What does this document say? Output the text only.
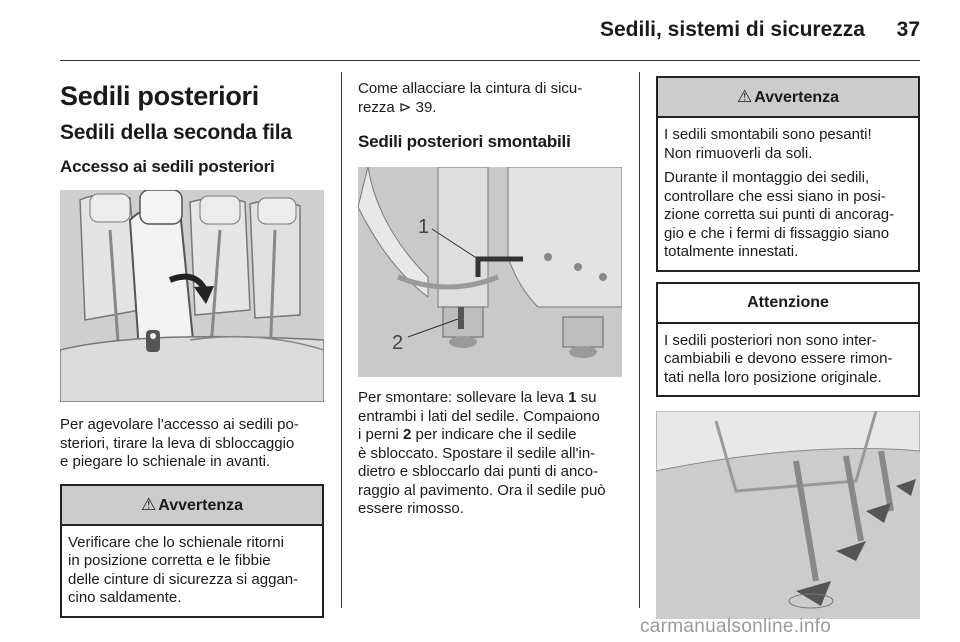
Sedili, sistemi di sicurezza 37
Sedili posteriori
Sedili della seconda fila
Accesso ai sedili posteriori

Per agevolare l'accesso ai sedili po-
steriori, tirare la leva di sbloccaggio
e piegare lo schienale in avanti.

⚠ Avvertenza
Verificare che lo schienale ritorni
in posizione corretta e le fibbie
delle cinture di sicurezza si aggan-
cino saldamente.

Come allacciare la cintura di sicu-
rezza ⊳ 39.

Sedili posteriori smontabili
1
2

Per smontare: sollevare la leva 1 su
entrambi i lati del sedile. Compaiono
i perni 2 per indicare che il sedile
è sbloccato. Spostare il sedile all'in-
dietro e sbloccarlo dai punti di anco-
raggio al pavimento. Ora il sedile può
essere rimosso.

⚠ Avvertenza

I sedili smontabili sono pesanti!
Non rimuoverli da soli.

Durante il montaggio dei sedili,
controllare che essi siano in posi-
zione corretta sui punti di ancorag-
gio e che i fermi di fissaggio siano
totalmente innestati.

Attenzione
I sedili posteriori non sono inter-
cambiabili e devono essere rimon-
tati nella loro posizione originale.
carmanualsonline.info
